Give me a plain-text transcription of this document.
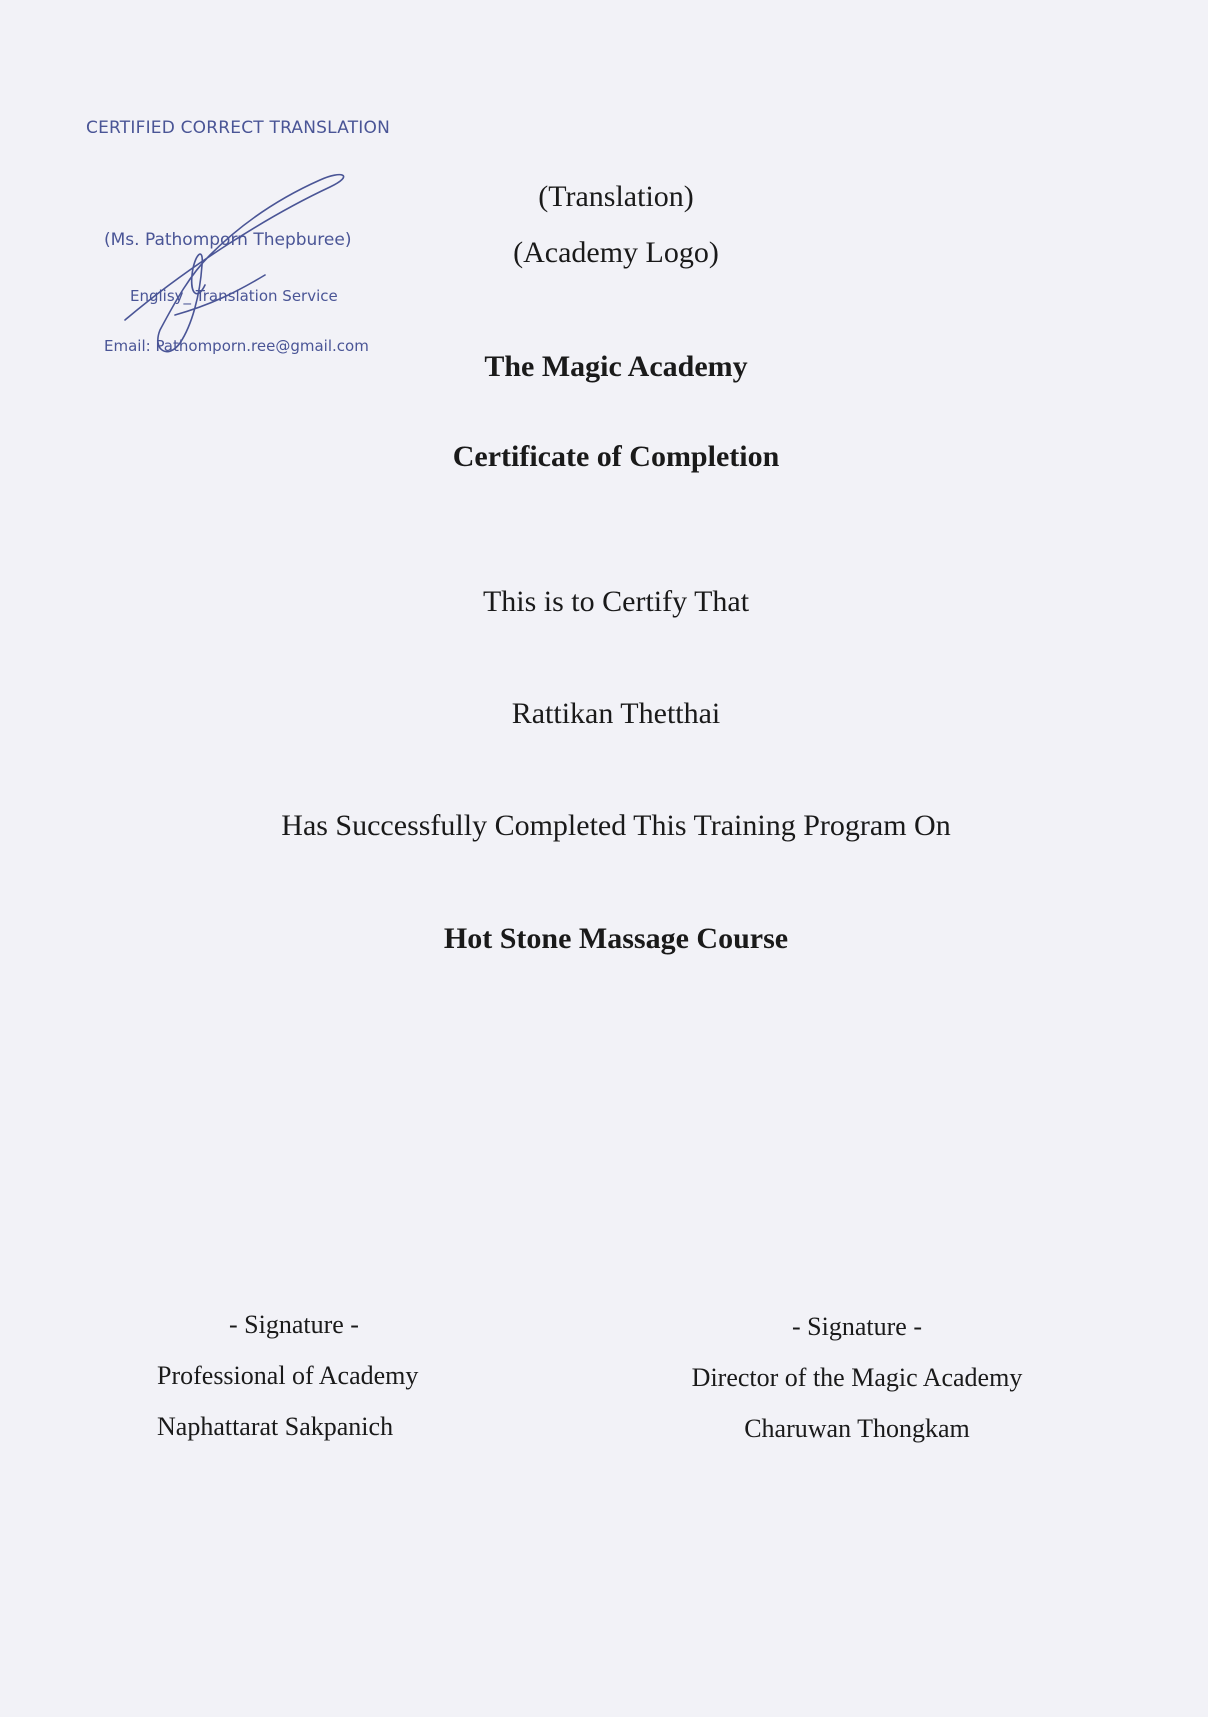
CERTIFIED CORRECT TRANSLATION
(Ms. Pathomporn Thepburee)
Englisy_ Translation Service
Email: Pathomporn.ree@gmail.com
(Translation)
(Academy Logo)
The Magic Academy
Certificate of Completion
This is to Certify That
Rattikan Thetthai
Has Successfully Completed This Training Program On
Hot Stone Massage Course
- Signature -
Professional of Academy
Naphattarat Sakpanich
- Signature -
Director of the Magic Academy
Charuwan Thongkam
